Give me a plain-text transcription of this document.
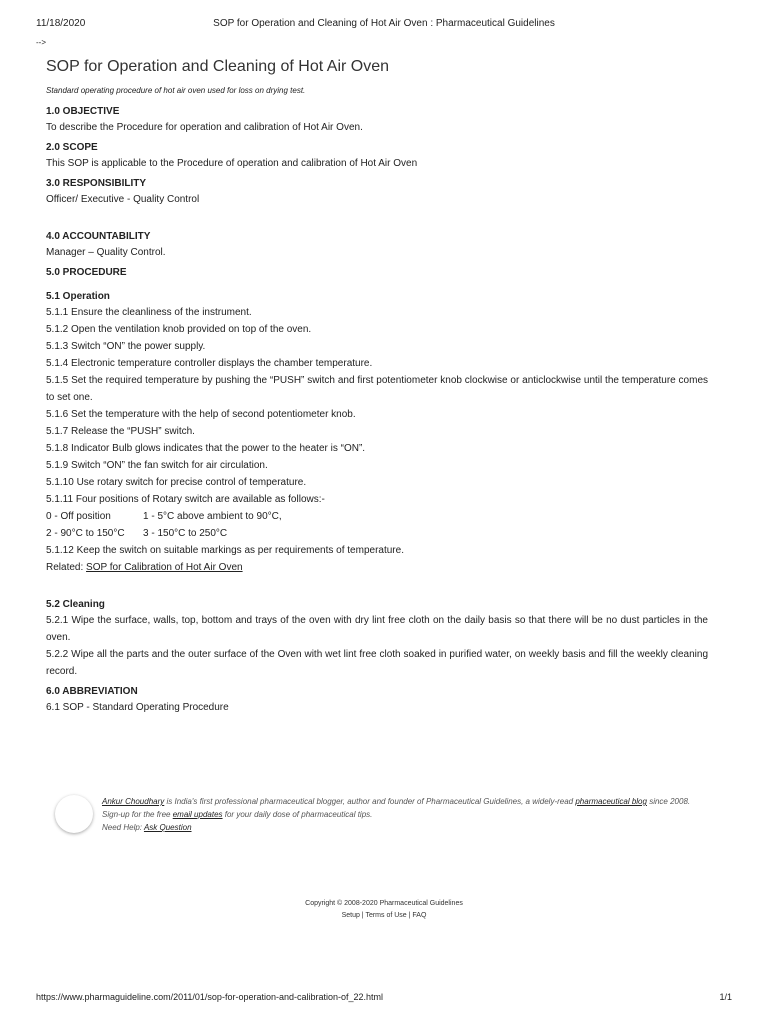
11/18/2020	SOP for Operation and Cleaning of Hot Air Oven : Pharmaceutical Guidelines
-->
SOP for Operation and Cleaning of Hot Air Oven

Standard operating procedure of hot air oven used for loss on drying test.

1.0 OBJECTIVE

To describe the Procedure for operation and calibration of Hot Air Oven.

2.0 SCOPE

This SOP is applicable to the Procedure of operation and calibration of Hot Air Oven

3.0 RESPONSIBILITY

Officer/ Executive - Quality Control

4.0 ACCOUNTABILITY

Manager – Quality Control.

5.0 PROCEDURE

5.1 Operation

5.1.1 Ensure the cleanliness of the instrument.

5.1.2 Open the ventilation knob provided on top of the oven.

5.1.3 Switch “ON” the power supply.

5.1.4 Electronic temperature controller displays the chamber temperature.

5.1.5 Set the required temperature by pushing the “PUSH” switch and first potentiometer knob clockwise or anticlockwise until the temperature comes to set one.

5.1.6 Set the temperature with the help of second potentiometer knob.

5.1.7 Release the “PUSH” switch.

5.1.8 Indicator Bulb glows indicates that the power to the heater is “ON”.

5.1.9 Switch “ON” the fan switch for air circulation.

5.1.10 Use rotary switch for precise control of temperature.

5.1.11 Four positions of Rotary switch are available as follows:-

0 - Off position	1 - 5°C above ambient to 90°C,

2 - 90°C to 150°C 3 - 150°C to 250°C

5.1.12 Keep the switch on suitable markings as per requirements of temperature.

Related: SOP for Calibration of Hot Air Oven

5.2 Cleaning

5.2.1 Wipe the surface, walls, top, bottom and trays of the oven with dry lint free cloth on the daily basis so that there will be no dust particles in the oven.

5.2.2 Wipe all the parts and the outer surface of the Oven with wet lint free cloth soaked in purified water, on weekly basis and fill the weekly cleaning record.

6.0 ABBREVIATION

6.1 SOP - Standard Operating Procedure

Ankur Choudhary is India's first professional pharmaceutical blogger, author and founder of Pharmaceutical Guidelines, a widely-read pharmaceutical blog since 2008. Sign-up for the free email updates for your daily dose of pharmaceutical tips.
Need Help: Ask Question
Copyright © 2008-2020 Pharmaceutical Guidelines
Setup | Terms of Use | FAQ
https://www.pharmaguideline.com/2011/01/sop-for-operation-and-calibration-of_22.html	1/1
